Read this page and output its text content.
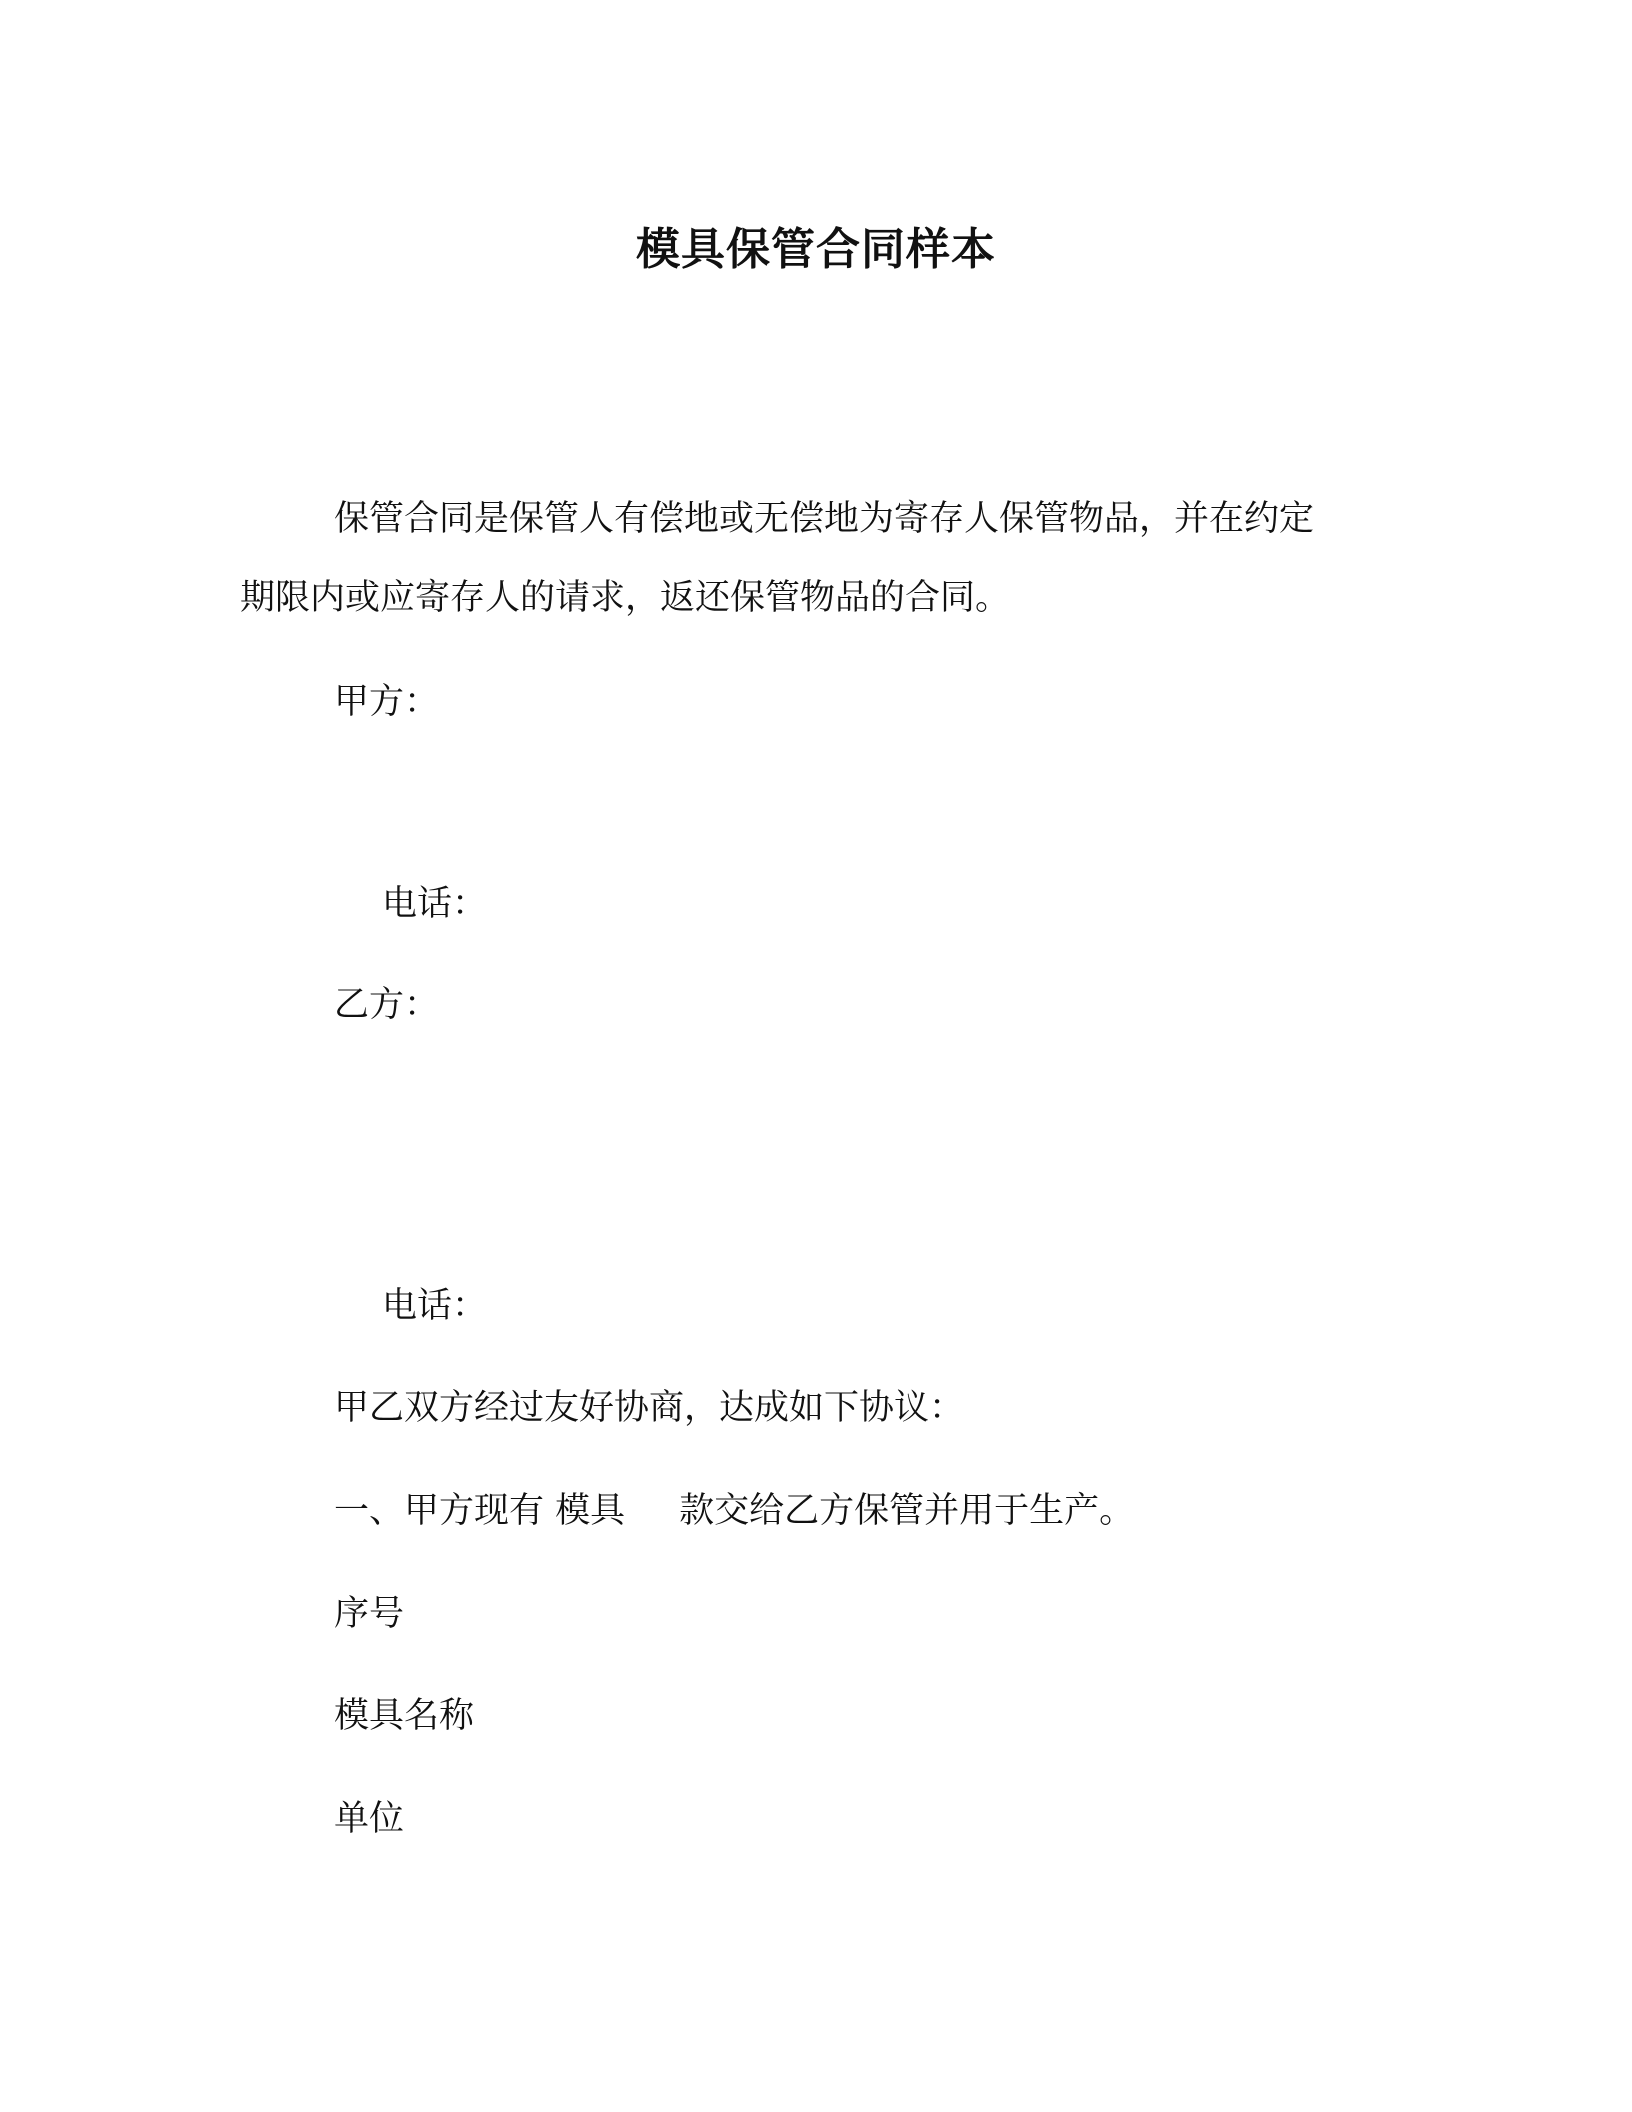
模具保管合同样本
保管合同是保管人有偿地或无偿地为寄存人保管物品，并在约定
期限内或应寄存人的请求，返还保管物品的合同。
甲方：
电话：
乙方：
电话：
甲乙双方经过友好协商，达成如下协议：
一、甲方现有 模具 款交给乙方保管并用于生产。
序号
模具名称
单位
